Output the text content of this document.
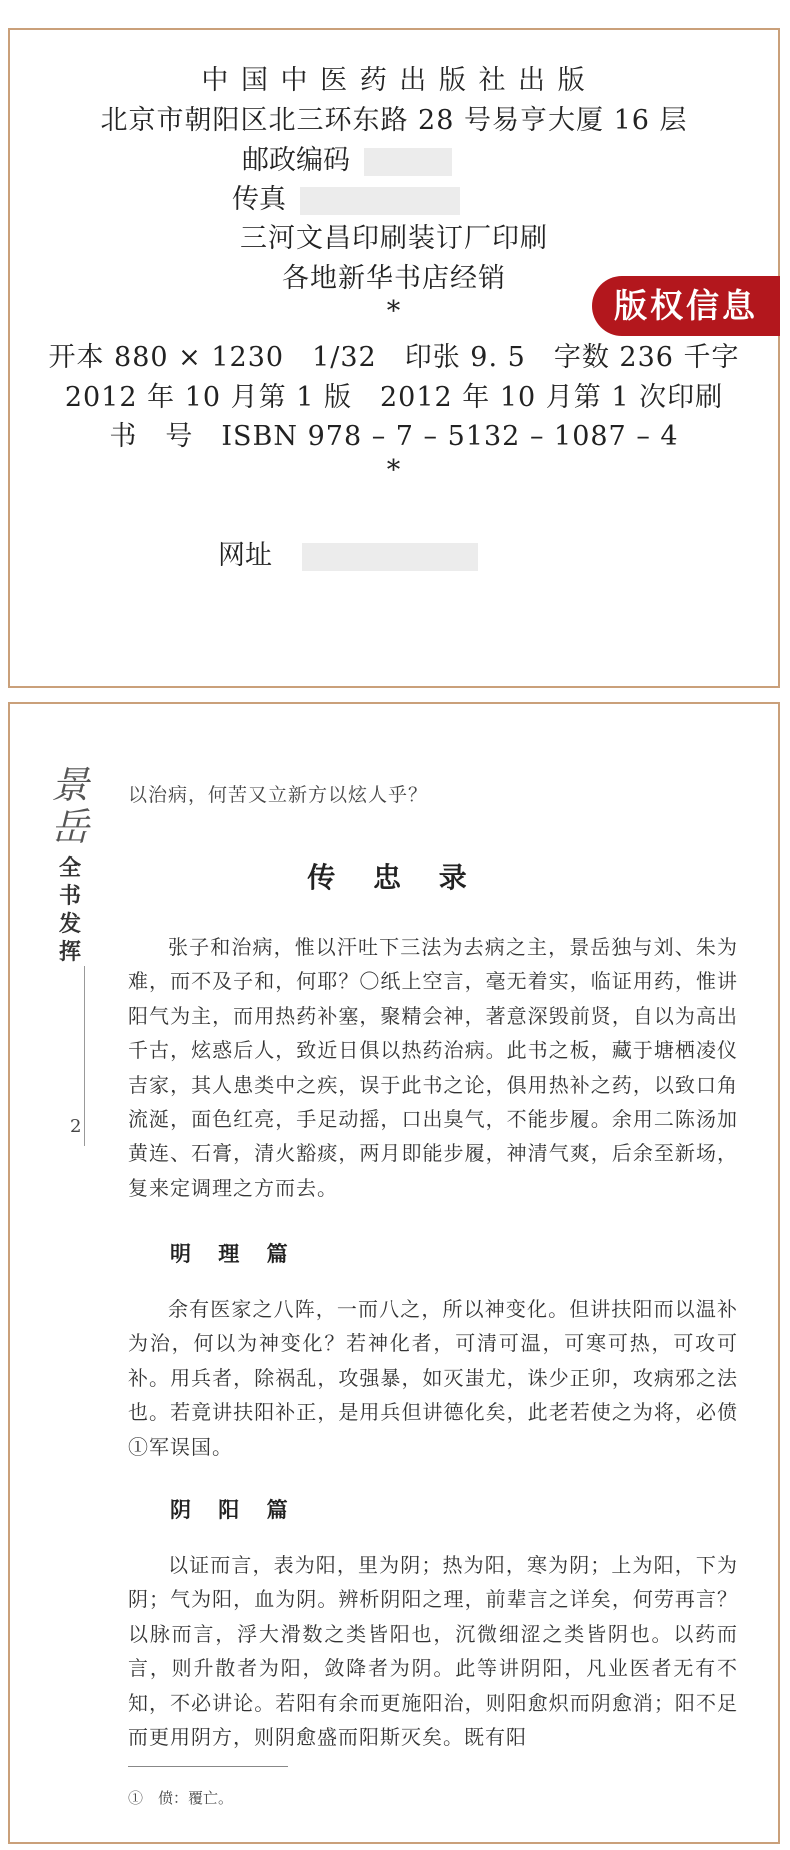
中 国 中 医 药 出 版 社 出 版
北京市朝阳区北三环东路 28 号易亨大厦 16 层
邮政编码
传真
三河文昌印刷装订厂印刷
各地新华书店经销
*
开本 880 × 1230　1/32　印张 9. 5　字数 236 千字
2012 年 10 月第 1 版　2012 年 10 月第 1 次印刷
书　号　ISBN 978 – 7 – 5132 – 1087 – 4
*
网址
版权信息
景岳
全书发挥
2
以治病，何苦又立新方以炫人乎？
传 忠 录
张子和治病，惟以汗吐下三法为去病之主，景岳独与刘、朱为难，而不及子和，何耶？〇纸上空言，毫无着实，临证用药，惟讲阳气为主，而用热药补塞，聚精会神，著意深毁前贤，自以为高出千古，炫惑后人，致近日俱以热药治病。此书之板，藏于塘栖凌仪吉家，其人患类中之疾，误于此书之论，俱用热补之药，以致口角流涎，面色红亮，手足动摇，口出臭气，不能步履。余用二陈汤加黄连、石膏，清火豁痰，两月即能步履，神清气爽，后余至新场，复来定调理之方而去。
明 理 篇
余有医家之八阵，一而八之，所以神变化。但讲扶阳而以温补为治，何以为神变化？若神化者，可清可温，可寒可热，可攻可补。用兵者，除祸乱，攻强暴，如灭蚩尤，诛少正卯，攻病邪之法也。若竟讲扶阳补正，是用兵但讲德化矣，此老若使之为将，必偾①军误国。
阴 阳 篇
以证而言，表为阳，里为阴；热为阳，寒为阴；上为阳，下为阴；气为阳，血为阴。辨析阴阳之理，前辈言之详矣，何劳再言？以脉而言，浮大滑数之类皆阳也，沉微细涩之类皆阴也。以药而言，则升散者为阳，敛降者为阴。此等讲阴阳，凡业医者无有不知，不必讲论。若阳有余而更施阳治，则阳愈炽而阴愈消；阳不足而更用阴方，则阴愈盛而阳斯灭矣。既有阳
①　偾：覆亡。
